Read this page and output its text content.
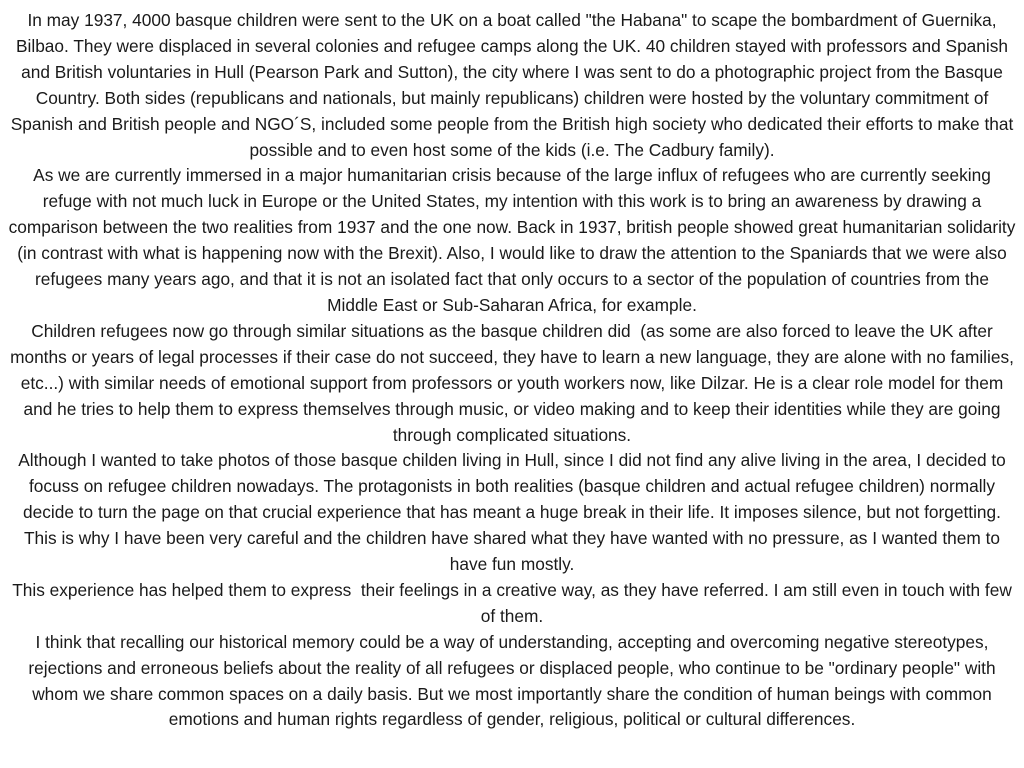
In may 1937, 4000 basque children were sent to the UK on a boat called "the Habana" to scape the bombardment of Guernika, Bilbao. They were displaced in several colonies and refugee camps along the UK. 40 children stayed with professors and Spanish and British voluntaries in Hull (Pearson Park and Sutton), the city where I was sent to do a photographic project from the Basque Country. Both sides (republicans and nationals, but mainly republicans) children were hosted by the voluntary commitment of Spanish and British people and NGO´S, included some people from the British high society who dedicated their efforts to make that possible and to even host some of the kids (i.e. The Cadbury family).

As we are currently immersed in a major humanitarian crisis because of the large influx of refugees who are currently seeking refuge with not much luck in Europe or the United States, my intention with this work is to bring an awareness by drawing a comparison between the two realities from 1937 and the one now. Back in 1937, british people showed great humanitarian solidarity (in contrast with what is happening now with the Brexit). Also, I would like to draw the attention to the Spaniards that we were also refugees many years ago, and that it is not an isolated fact that only occurs to a sector of the population of countries from the Middle East or Sub-Saharan Africa, for example.

Children refugees now go through similar situations as the basque children did  (as some are also forced to leave the UK after months or years of legal processes if their case do not succeed, they have to learn a new language, they are alone with no families, etc...) with similar needs of emotional support from professors or youth workers now, like Dilzar. He is a clear role model for them and he tries to help them to express themselves through music, or video making and to keep their identities while they are going through complicated situations.

Although I wanted to take photos of those basque childen living in Hull, since I did not find any alive living in the area, I decided to focuss on refugee children nowadays. The protagonists in both realities (basque children and actual refugee children) normally decide to turn the page on that crucial experience that has meant a huge break in their life. It imposes silence, but not forgetting. This is why I have been very careful and the children have shared what they have wanted with no pressure, as I wanted them to have fun mostly.

This experience has helped them to express  their feelings in a creative way, as they have referred. I am still even in touch with few of them.

I think that recalling our historical memory could be a way of understanding, accepting and overcoming negative stereotypes, rejections and erroneous beliefs about the reality of all refugees or displaced people, who continue to be "ordinary people" with whom we share common spaces on a daily basis. But we most importantly share the condition of human beings with common emotions and human rights regardless of gender, religious, political or cultural differences.
